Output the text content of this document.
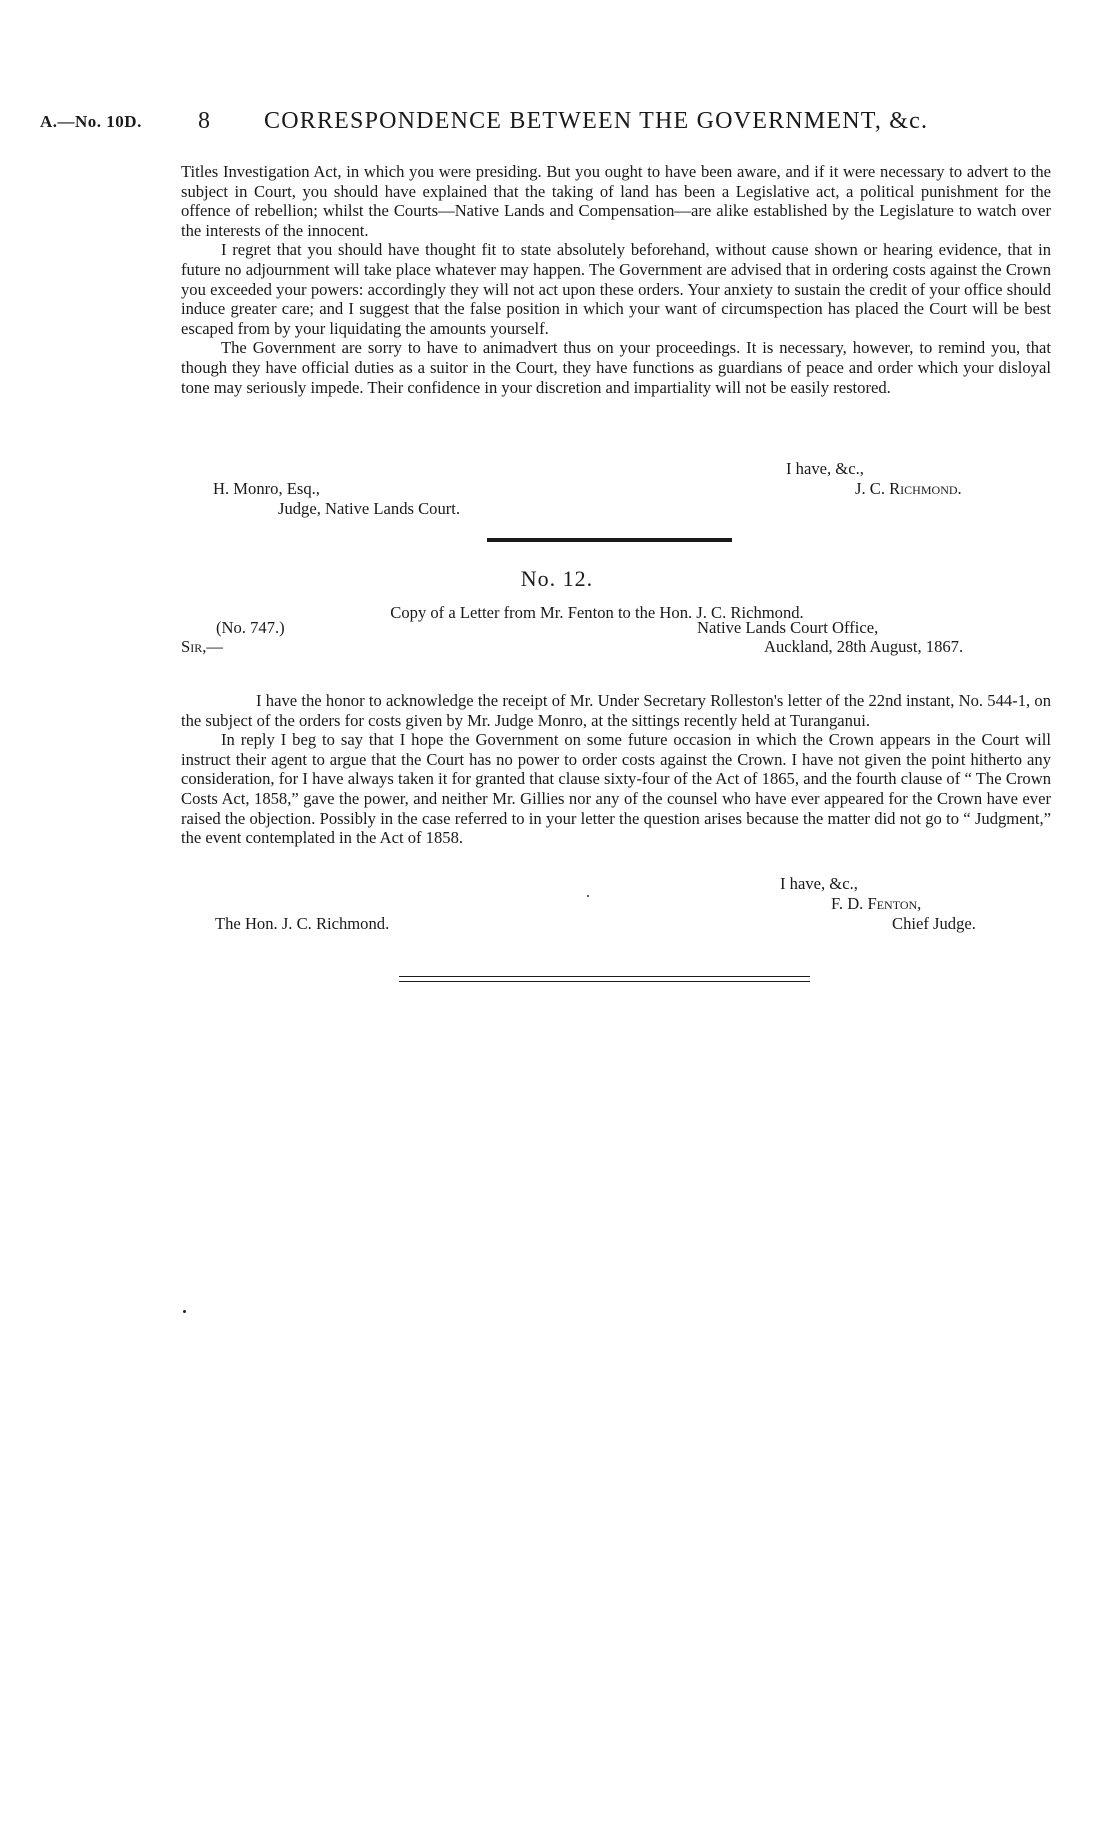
A.—No. 10D. 8 CORRESPONDENCE BETWEEN THE GOVERNMENT, &c.

Titles Investigation Act, in which you were presiding. But you ought to have been aware, and if it were necessary to advert to the subject in Court, you should have explained that the taking of land has been a Legislative act, a political punishment for the offence of rebellion; whilst the Courts—Native Lands and Compensation—are alike established by the Legislature to watch over the interests of the innocent.

I regret that you should have thought fit to state absolutely beforehand, without cause shown or hearing evidence, that in future no adjournment will take place whatever may happen. The Government are advised that in ordering costs against the Crown you exceeded your powers: accordingly they will not act upon these orders. Your anxiety to sustain the credit of your office should induce greater care; and I suggest that the false position in which your want of circumspection has placed the Court will be best escaped from by your liquidating the amounts yourself.

The Government are sorry to have to animadvert thus on your proceedings. It is necessary, however, to remind you, that though they have official duties as a suitor in the Court, they have functions as guardians of peace and order which your disloyal tone may seriously impede. Their confidence in your discretion and impartiality will not be easily restored.

I have, &c.,
H. Monro, Esq.,	J. C. Richmond.
Judge, Native Lands Court.
No. 12.
Copy of a Letter from Mr. Fenton to the Hon. J. C. Richmond.
(No. 747.)	Native Lands Court Office,
Sir,—	Auckland, 28th August, 1867.

I have the honor to acknowledge the receipt of Mr. Under Secretary Rolleston's letter of the 22nd instant, No. 544-1, on the subject of the orders for costs given by Mr. Judge Monro, at the sittings recently held at Turanganui.

In reply I beg to say that I hope the Government on some future occasion in which the Crown appears in the Court will instruct their agent to argue that the Court has no power to order costs against the Crown. I have not given the point hitherto any consideration, for I have always taken it for granted that clause sixty-four of the Act of 1865, and the fourth clause of “ The Crown Costs Act, 1858,” gave the power, and neither Mr. Gillies nor any of the counsel who have ever appeared for the Crown have ever raised the objection. Possibly in the case referred to in your letter the question arises because the matter did not go to “ Judgment,” the event contemplated in the Act of 1858.

I have, &c.,
F. D. Fenton,
Chief Judge.
The Hon. J. C. Richmond.
